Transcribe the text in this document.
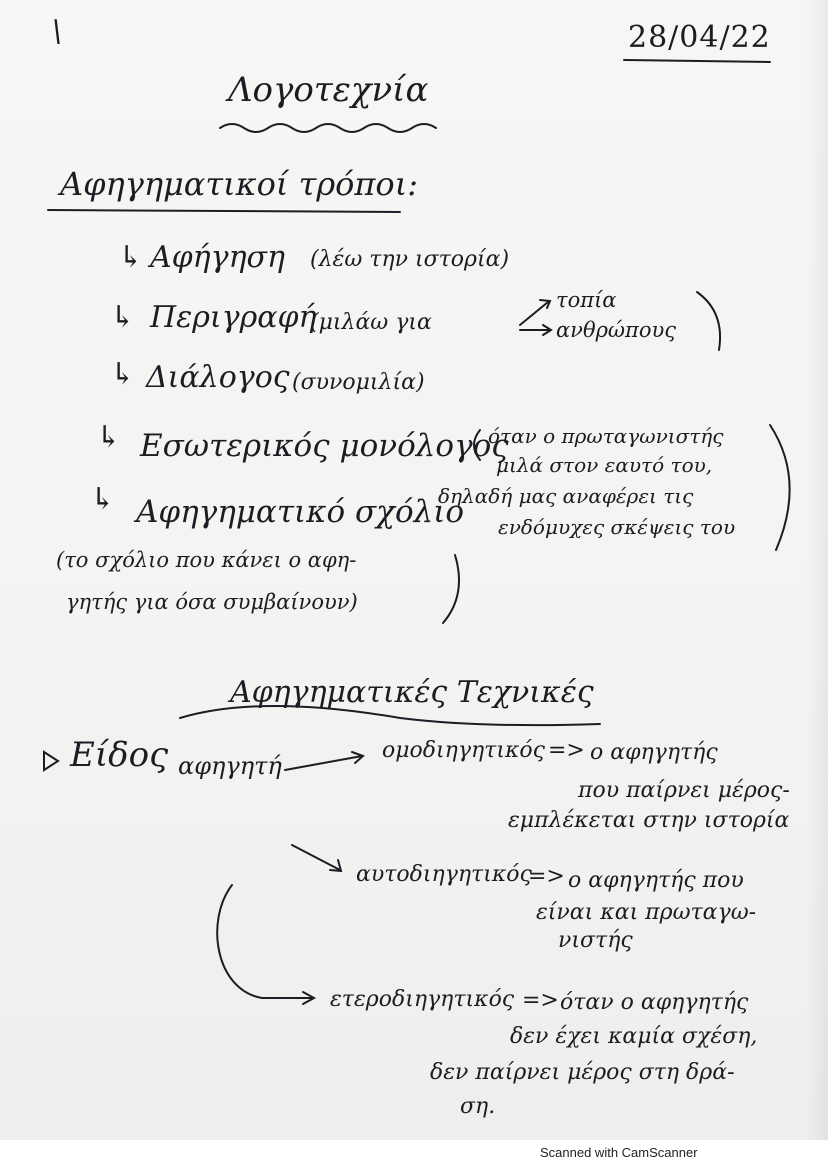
\	28/04/22
Λογοτεχνία
Αφηγηματικοί τρόποι:
↳ Αφήγηση (λέω την ιστορία)
↳ Περιγραφή
(μιλάω για
τοπία
ανθρώπους
↳ Διάλογος (συνομιλία)
↳ Εσωτερικός μονόλογος
όταν ο πρωταγωνιστής
μιλά στον εαυτό του,
δηλαδή μας αναφέρει τις
ενδόμυχες σκέψεις του
↳ Αφηγηματικό σχόλιο
(το σχόλιο που κάνει ο αφη-
γητής για όσα συμβαίνουν)
Αφηγηματικές Τεχνικές
Είδος αφηγητή
ομοδιηγητικός => ο αφηγητής
που παίρνει μέρος-
εμπλέκεται στην ιστορία
αυτοδιηγητικός
=> ο αφηγητής που
είναι και πρωταγω-
νιστής
ετεροδιηγητικός => όταν ο αφηγητής
δεν έχει καμία σχέση,
δεν παίρνει μέρος στη δρά-
ση.
Scanned with CamScanner
